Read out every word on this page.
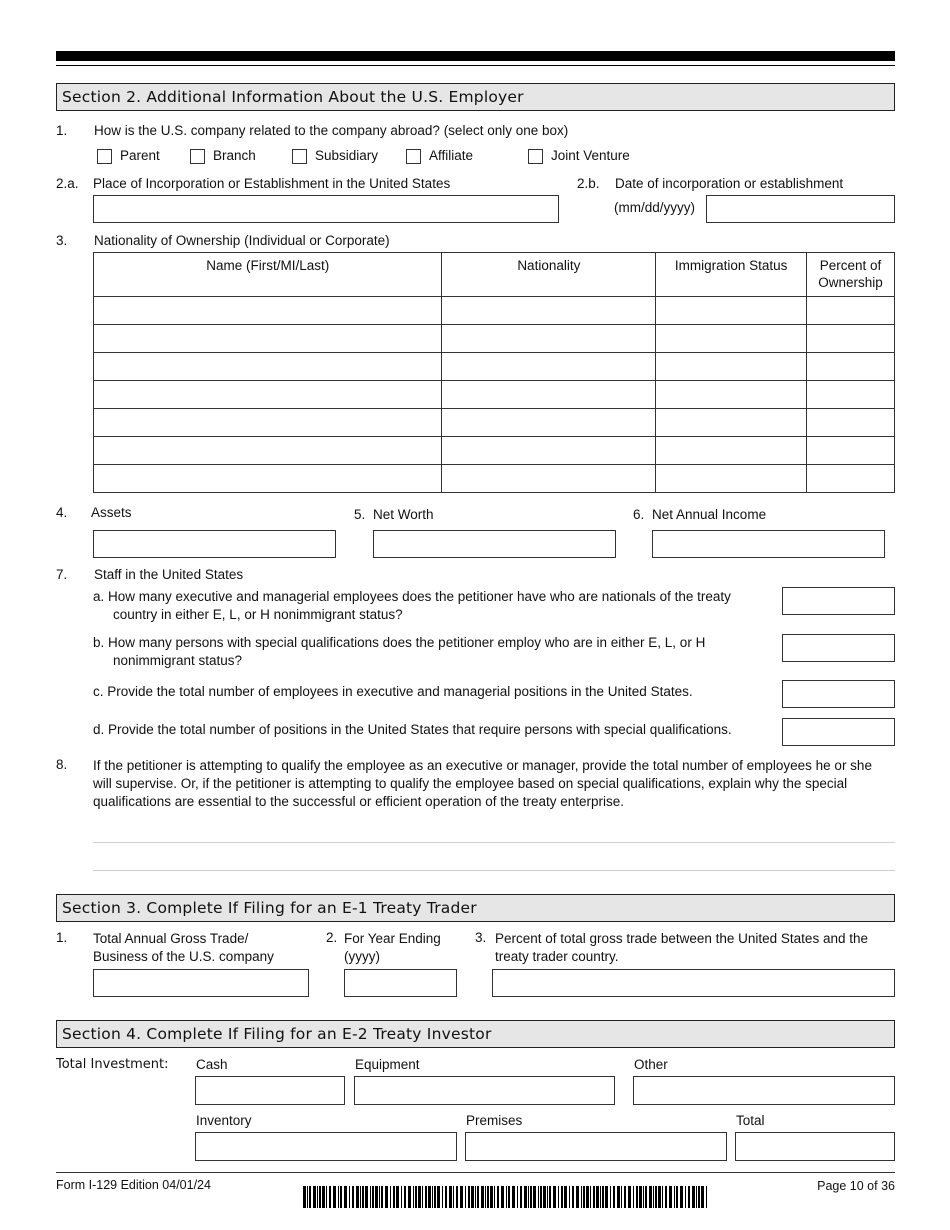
Section 2. Additional Information About the U.S. Employer
1. How is the U.S. company related to the company abroad? (select only one box)
Parent	Branch	Subsidiary	Affiliate	Joint Venture
2.a. Place of Incorporation or Establishment in the United States	2.b. Date of incorporation or establishment
(mm/dd/yyyy)
3. Nationality of Ownership (Individual or Corporate)
Name (First/MI/Last)	Nationality	Immigration Status	Percent of Ownership

4. Assets	5. Net Worth	6. Net Annual Income
7. Staff in the United States
a. How many executive and managerial employees does the petitioner have who are nationals of the treaty country in either E, L, or H nonimmigrant status?
b. How many persons with special qualifications does the petitioner employ who are in either E, L, or H nonimmigrant status?
c. Provide the total number of employees in executive and managerial positions in the United States.
d. Provide the total number of positions in the United States that require persons with special qualifications.
8. If the petitioner is attempting to qualify the employee as an executive or manager, provide the total number of employees he or she will supervise. Or, if the petitioner is attempting to qualify the employee based on special qualifications, explain why the special qualifications are essential to the successful or efficient operation of the treaty enterprise.
Section 3. Complete If Filing for an E-1 Treaty Trader
1. Total Annual Gross Trade/ Business of the U.S. company
2. For Year Ending (yyyy)
3. Percent of total gross trade between the United States and the treaty trader country.
Section 4. Complete If Filing for an E-2 Treaty Investor
Total Investment: Cash	Equipment	Other
Inventory	Premises	Total
Form I-129 Edition 04/01/24	Page 10 of 36
